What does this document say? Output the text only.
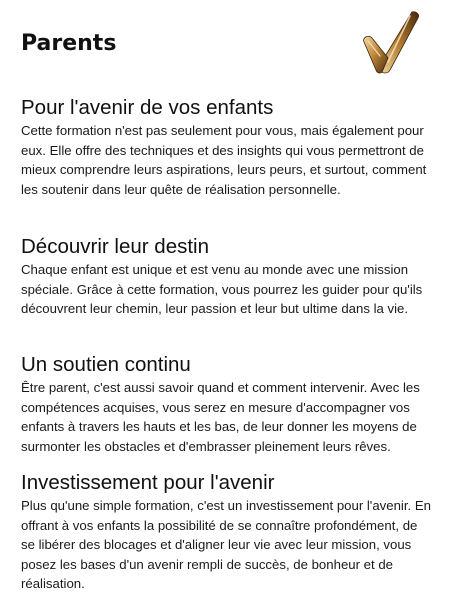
Parents
Pour l'avenir de vos enfants

Cette formation n'est pas seulement pour vous, mais également pour eux. Elle offre des techniques et des insights qui vous permettront de mieux comprendre leurs aspirations, leurs peurs, et surtout, comment les soutenir dans leur quête de réalisation personnelle.

Découvrir leur destin

Chaque enfant est unique et est venu au monde avec une mission spéciale. Grâce à cette formation, vous pourrez les guider pour qu'ils découvrent leur chemin, leur passion et leur but ultime dans la vie.

Un soutien continu

Être parent, c'est aussi savoir quand et comment intervenir. Avec les compétences acquises, vous serez en mesure d'accompagner vos enfants à travers les hauts et les bas, de leur donner les moyens de surmonter les obstacles et d'embrasser pleinement leurs rêves.

Investissement pour l'avenir

Plus qu'une simple formation, c'est un investissement pour l'avenir. En offrant à vos enfants la possibilité de se connaître profondément, de se libérer des blocages et d'aligner leur vie avec leur mission, vous posez les bases d'un avenir rempli de succès, de bonheur et de réalisation.
